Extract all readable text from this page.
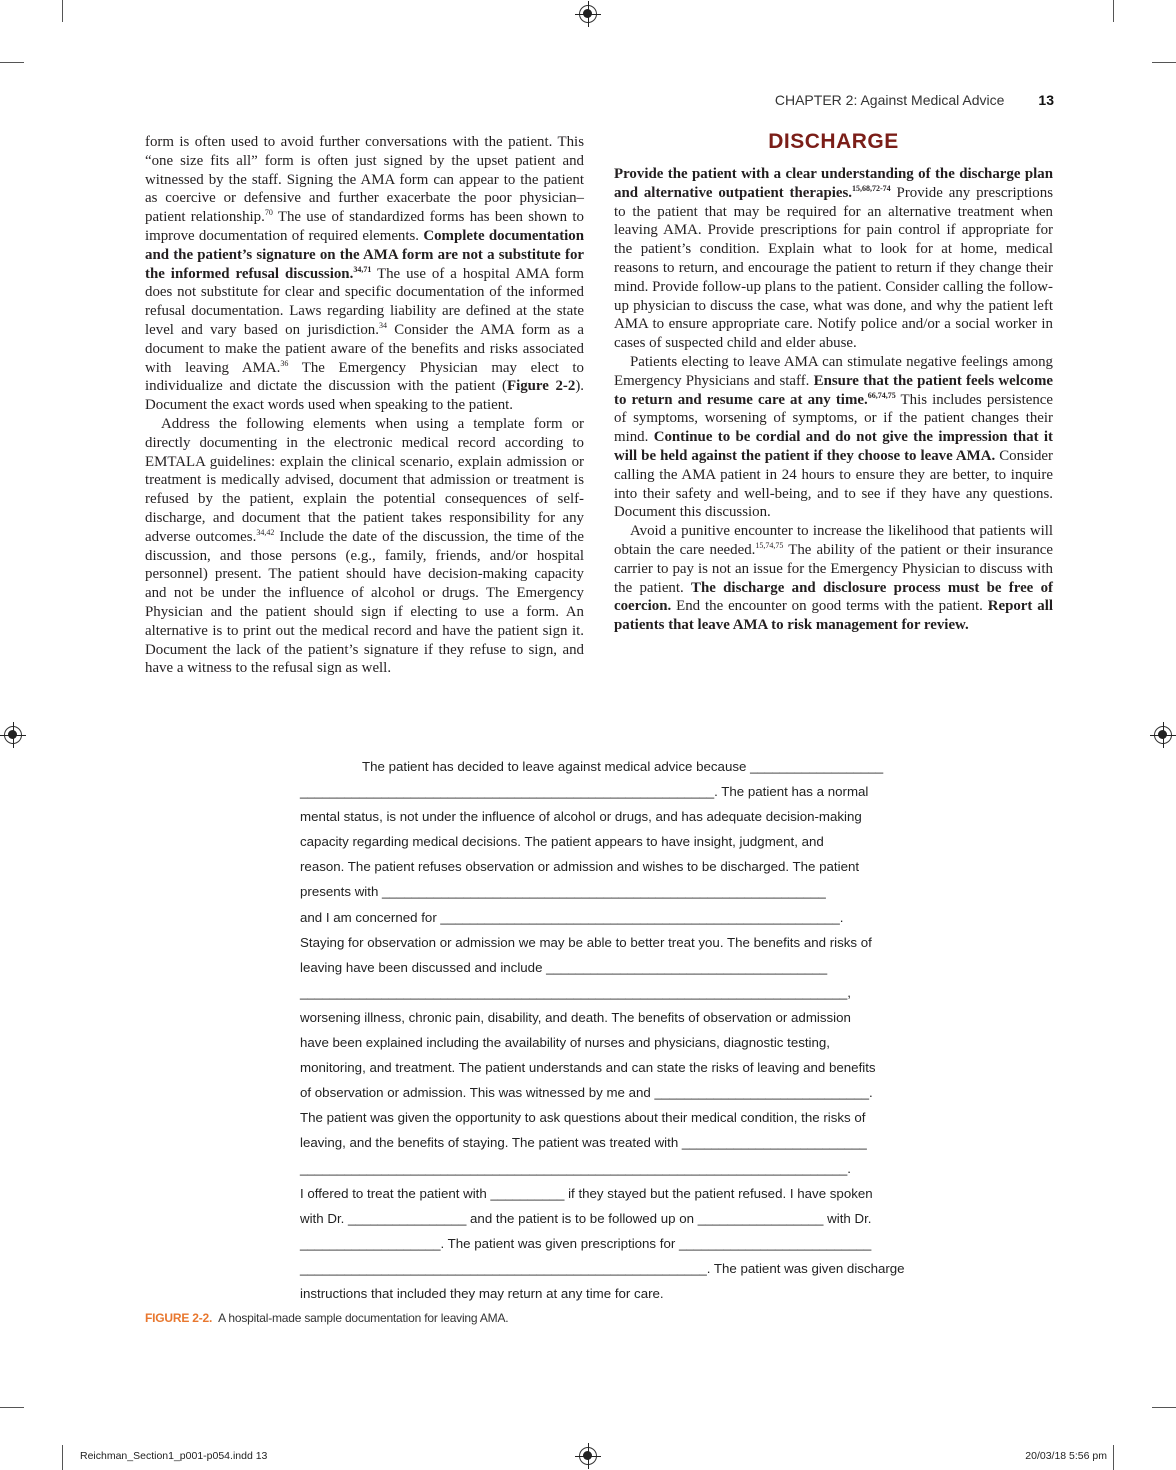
CHAPTER 2: Against Medical Advice 13

form is often used to avoid further conversations with the patient. This “one size fits all” form is often just signed by the upset patient and witnessed by the staff. Signing the AMA form can appear to the patient as coercive or defensive and further exacerbate the poor physician–patient relationship.$^{70}$ The use of standardized forms has been shown to improve documentation of required elements. Complete documentation and the patient’s signature on the AMA form are not a substitute for the informed refusal discussion.$^{34,71}$ The use of a hospital AMA form does not substitute for clear and specific documentation of the informed refusal documentation. Laws regarding liability are defined at the state level and vary based on jurisdiction.$^{34}$ Consider the AMA form as a document to make the patient aware of the benefits and risks associated with leaving AMA.$^{36}$ The Emergency Physician may elect to individualize and dictate the discussion with the patient (Figure 2-2). Document the exact words used when speaking to the patient.

Address the following elements when using a template form or directly documenting in the electronic medical record according to EMTALA guidelines: explain the clinical scenario, explain admission or treatment is medically advised, document that admission or treatment is refused by the patient, explain the potential consequences of self-discharge, and document that the patient takes responsibility for any adverse outcomes.$^{34,42}$ Include the date of the discussion, the time of the discussion, and those persons (e.g., family, friends, and/or hospital personnel) present. The patient should have decision-making capacity and not be under the influence of alcohol or drugs. The Emergency Physician and the patient should sign if electing to use a form. An alternative is to print out the medical record and have the patient sign it. Document the lack of the patient’s signature if they refuse to sign, and have a witness to the refusal sign as well.

DISCHARGE

Provide the patient with a clear understanding of the discharge plan and alternative outpatient therapies.$^{15,68,72-74}$ Provide any prescriptions to the patient that may be required for an alternative treatment when leaving AMA. Provide prescriptions for pain control if appropriate for the patient’s condition. Explain what to look for at home, medical reasons to return, and encourage the patient to return if they change their mind. Provide follow-up plans to the patient. Consider calling the follow-up physician to discuss the case, what was done, and why the patient left AMA to ensure appropriate care. Notify police and/or a social worker in cases of suspected child and elder abuse.

Patients electing to leave AMA can stimulate negative feelings among Emergency Physicians and staff. Ensure that the patient feels welcome to return and resume care at any time.$^{66,74,75}$ This includes persistence of symptoms, worsening of symptoms, or if the patient changes their mind. Continue to be cordial and do not give the impression that it will be held against the patient if they choose to leave AMA. Consider calling the AMA patient in 24 hours to ensure they are better, to inquire into their safety and well-being, and to see if they have any questions. Document this discussion.

Avoid a punitive encounter to increase the likelihood that patients will obtain the care needed.$^{15,74,75}$ The ability of the patient or their insurance carrier to pay is not an issue for the Emergency Physician to discuss with the patient. The discharge and disclosure process must be free of coercion. End the encounter on good terms with the patient. Report all patients that leave AMA to risk management for review.

The patient has decided to leave against medical advice because __________________
________________________________________________________. The patient has a normal
mental status, is not under the influence of alcohol or drugs, and has adequate decision-making
capacity regarding medical decisions. The patient appears to have insight, judgment, and
reason. The patient refuses observation or admission and wishes to be discharged. The patient
presents with ____________________________________________________________
and I am concerned for ______________________________________________________.
Staying for observation or admission we may be able to better treat you. The benefits and risks of
leaving have been discussed and include ______________________________________
__________________________________________________________________________,
worsening illness, chronic pain, disability, and death. The benefits of observation or admission
have been explained including the availability of nurses and physicians, diagnostic testing,
monitoring, and treatment. The patient understands and can state the risks of leaving and benefits
of observation or admission. This was witnessed by me and _____________________________.
The patient was given the opportunity to ask questions about their medical condition, the risks of
leaving, and the benefits of staying. The patient was treated with _________________________
__________________________________________________________________________.
I offered to treat the patient with __________ if they stayed but the patient refused. I have spoken
with Dr. ________________ and the patient is to be followed up on _________________ with Dr.
___________________. The patient was given prescriptions for __________________________
_______________________________________________________. The patient was given discharge
instructions that included they may return at any time for care.
FIGURE 2-2. A hospital-made sample documentation for leaving AMA.
Reichman_Section1_p001-p054.indd 13	20/03/18 5:56 pm
